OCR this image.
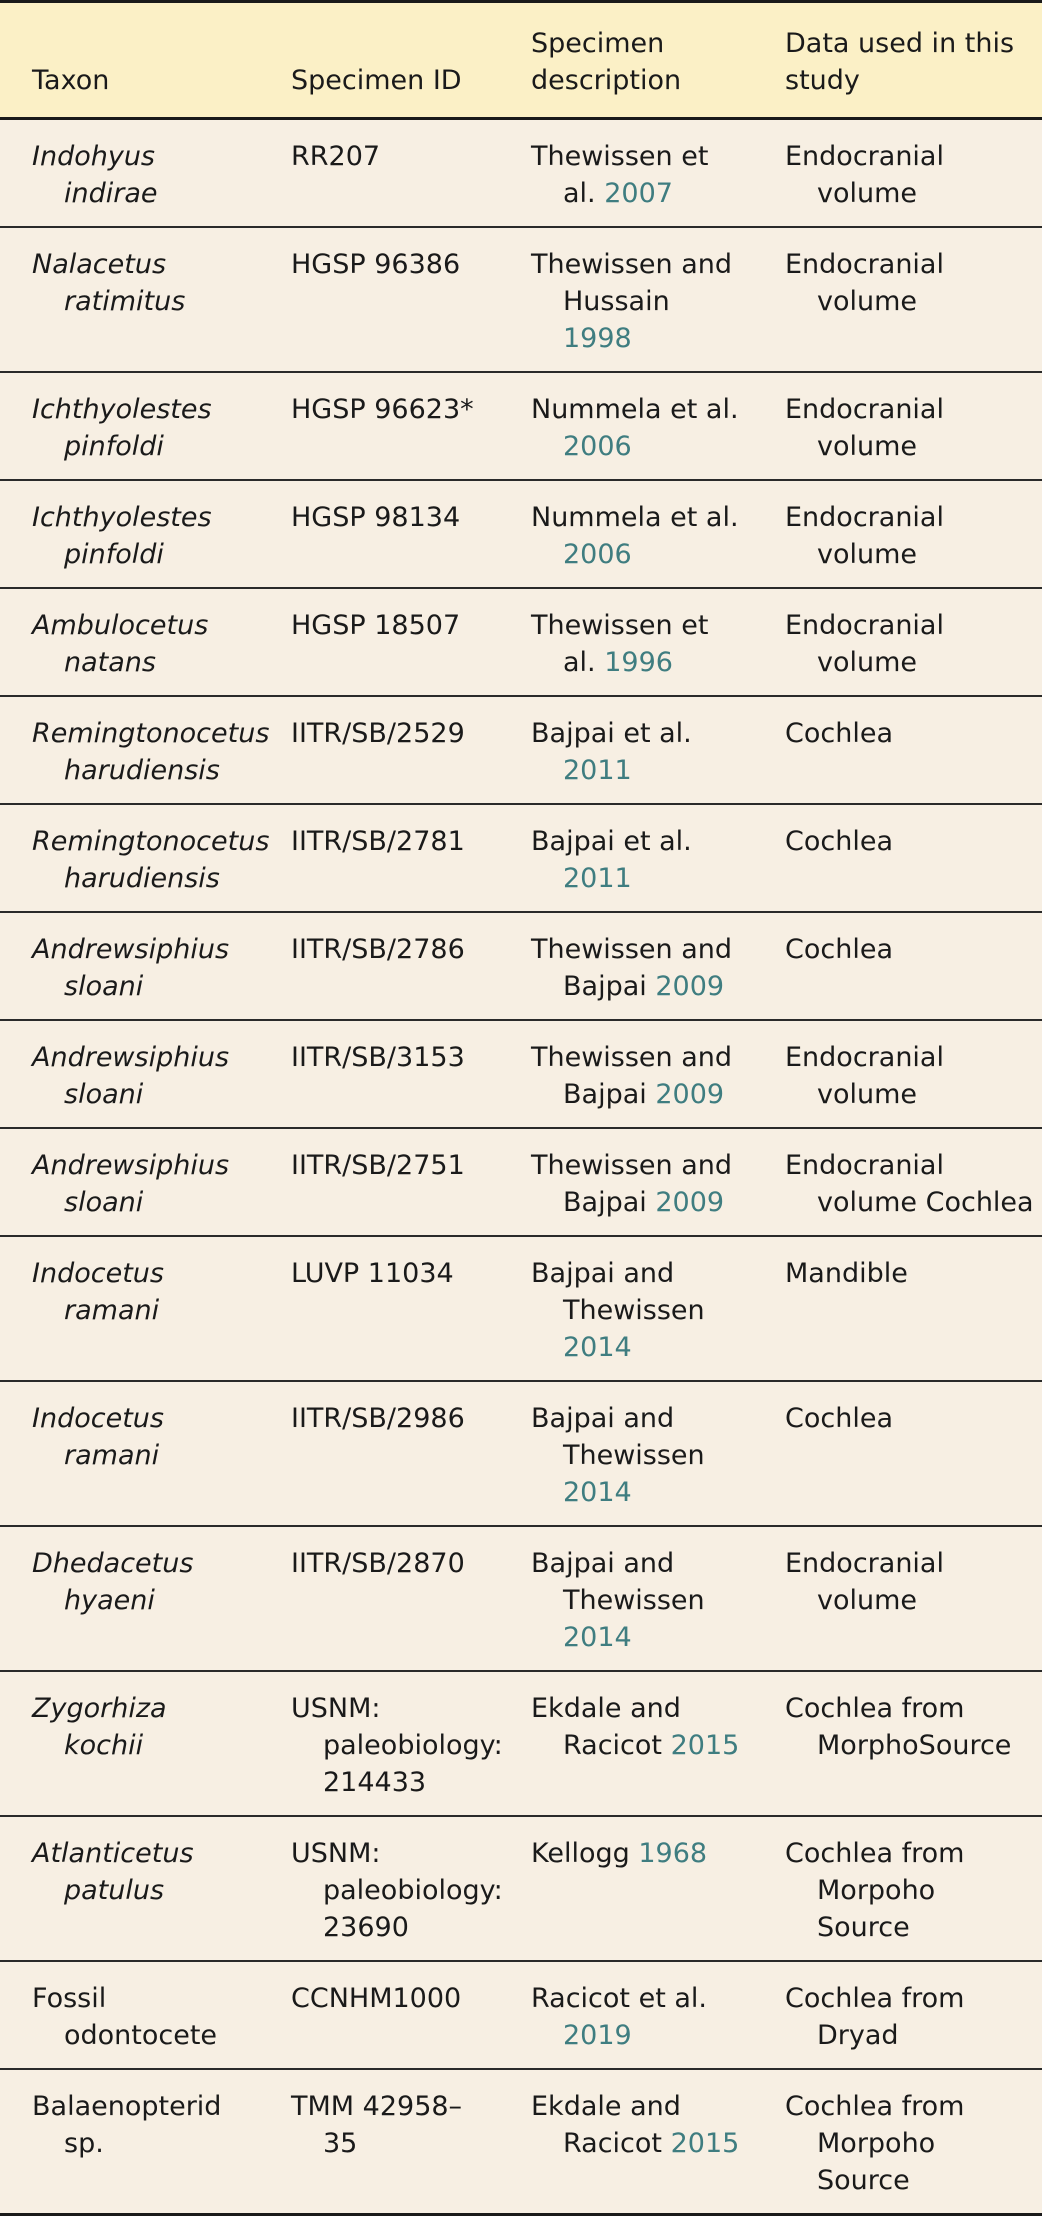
Taxon	Specimen ID	Specimen description	Data used in this study

Indohyus indirae	RR207	Thewissen et al. 2007	Endocranial volume

Nalacetus ratimitus	HGSP 96386	Thewissen and Hussain 1998	Endocranial volume

Ichthyolestes pinfoldi	HGSP 96623*	Nummela et al. 2006	Endocranial volume

Ichthyolestes pinfoldi	HGSP 98134	Nummela et al. 2006	Endocranial volume

Ambulocetus natans	HGSP 18507	Thewissen et al. 1996	Endocranial volume

Remingtonocetus harudiensis	IITR/SB/2529	Bajpai et al. 2011	Cochlea

Remingtonocetus harudiensis	IITR/SB/2781	Bajpai et al. 2011	Cochlea

Andrewsiphius sloani	IITR/SB/2786	Thewissen and Bajpai 2009	Cochlea

Andrewsiphius sloani	IITR/SB/3153	Thewissen and Bajpai 2009	Endocranial volume

Andrewsiphius sloani	IITR/SB/2751	Thewissen and Bajpai 2009	Endocranial volume Cochlea

Indocetus ramani	LUVP 11034	Bajpai and Thewissen 2014	Mandible

Indocetus ramani	IITR/SB/2986	Bajpai and Thewissen 2014	Cochlea

Dhedacetus hyaeni	IITR/SB/2870	Bajpai and Thewissen 2014	Endocranial volume

Zygorhiza kochii	USNM: paleobiology: 214433	Ekdale and Racicot 2015	Cochlea from MorphoSource

Atlanticetus patulus	USNM: paleobiology: 23690	Kellogg 1968	Cochlea from Morpoho Source

Fossil odontocete	CCNHM1000	Racicot et al. 2019	Cochlea from Dryad

Balaenopterid sp.	TMM 42958–35	Ekdale and Racicot 2015	Cochlea from Morpoho Source
